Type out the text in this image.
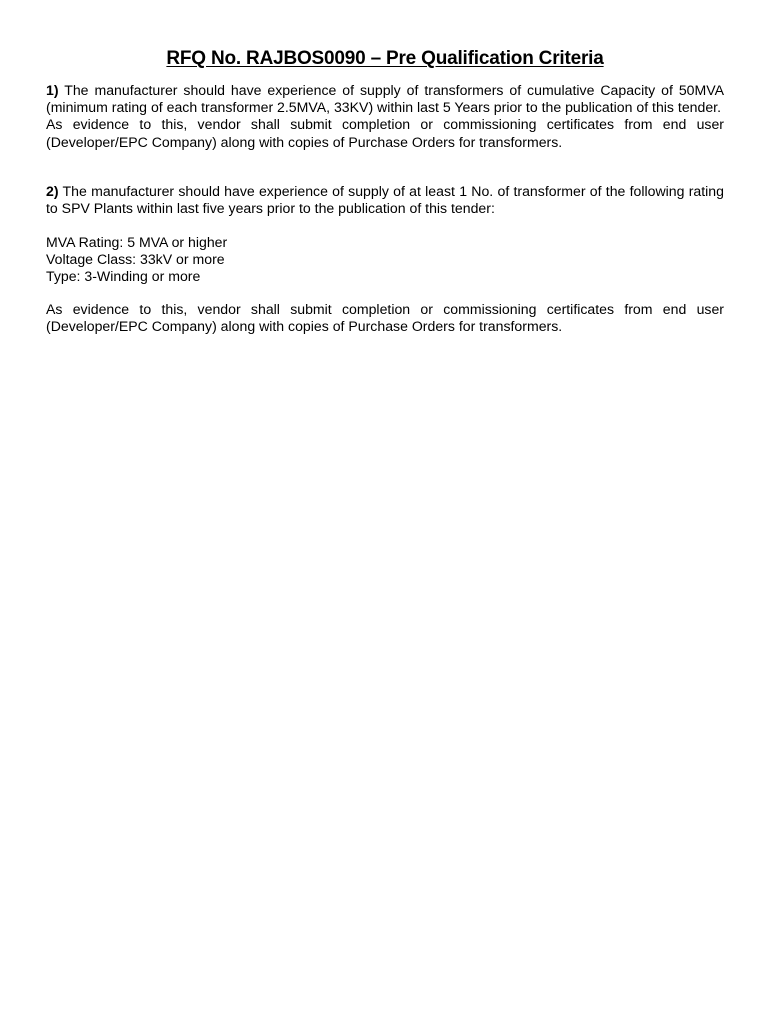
RFQ No. RAJBOS0090 – Pre Qualification Criteria

1) The manufacturer should have experience of supply of transformers of cumulative Capacity of 50MVA (minimum rating of each transformer 2.5MVA, 33KV) within last 5 Years prior to the publication of this tender.

As evidence to this, vendor shall submit completion or commissioning certificates from end user (Developer/EPC Company) along with copies of Purchase Orders for transformers.

2) The manufacturer should have experience of supply of at least 1 No. of transformer of the following rating to SPV Plants within last five years prior to the publication of this tender:

MVA Rating: 5 MVA or higher

Voltage Class: 33kV or more

Type: 3-Winding or more

As evidence to this, vendor shall submit completion or commissioning certificates from end user (Developer/EPC Company) along with copies of Purchase Orders for transformers.
